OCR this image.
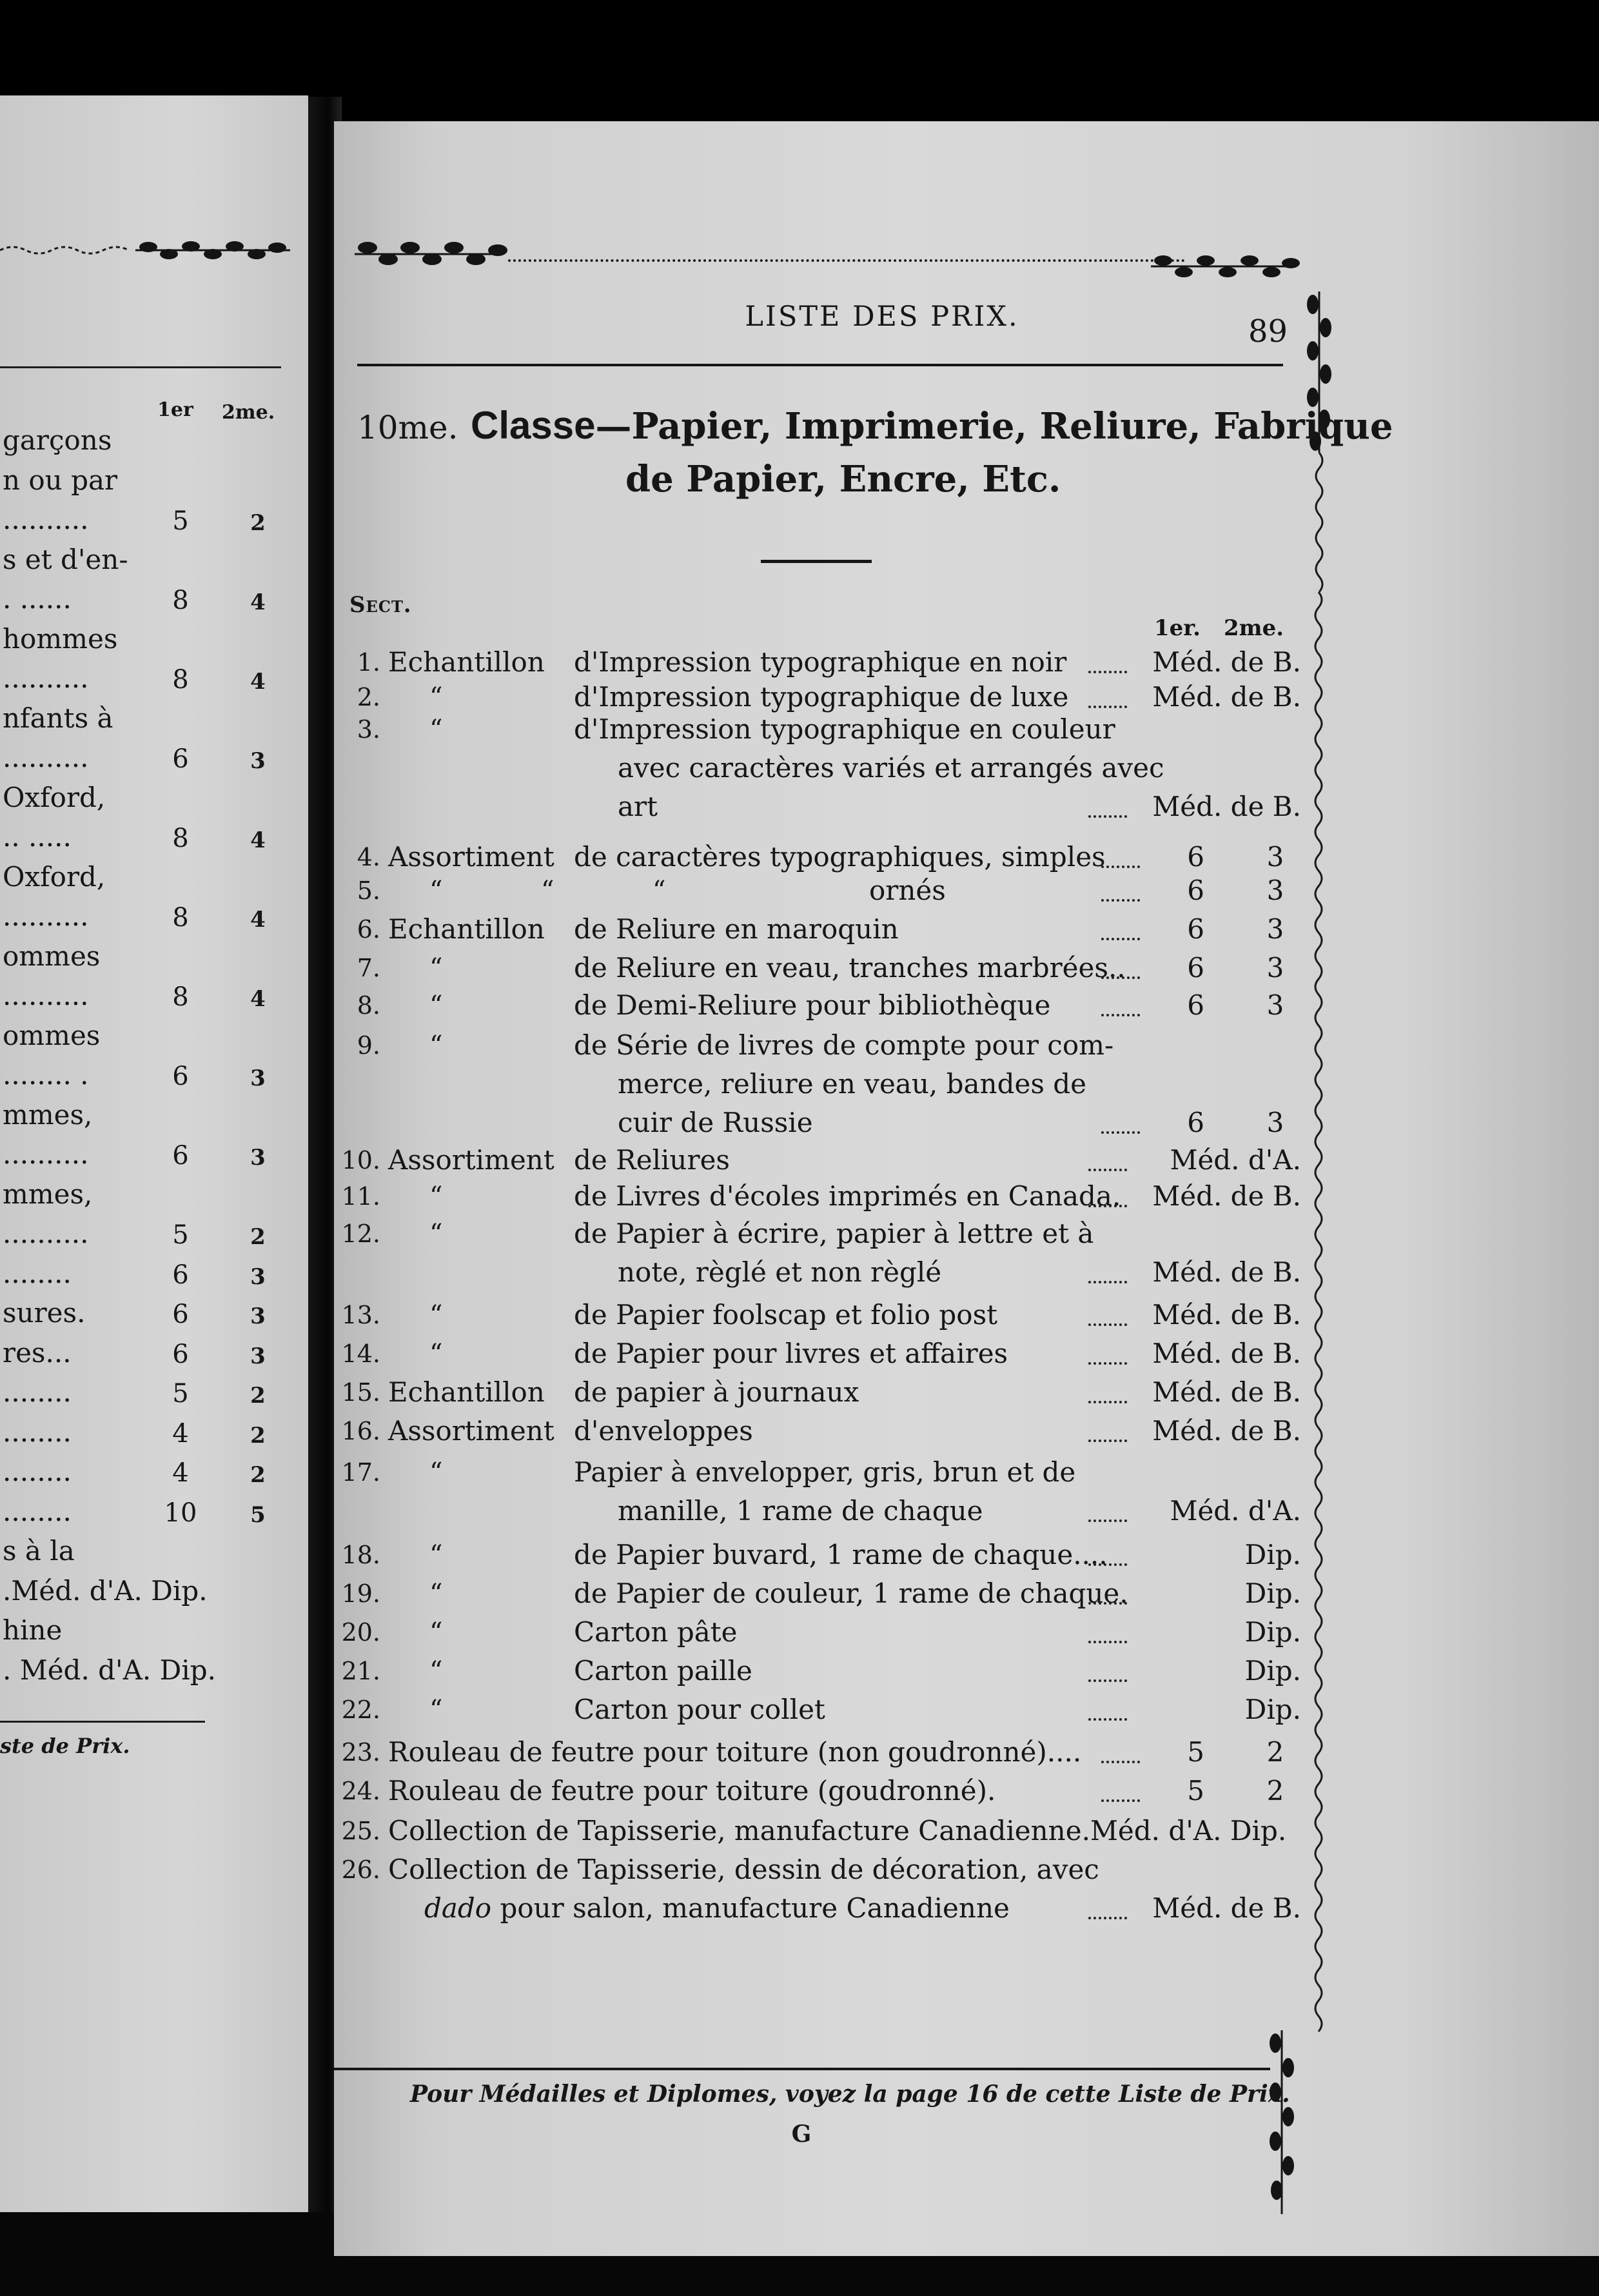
1er 2me.
garçons
n ou par
..........	5	2
s et d'en-
. ......	8	4
hommes
..........	8	4
nfants à
..........	6	3
Oxford,
.. .....	8	4
Oxford,
..........	8	4
ommes
..........	8	4
ommes
........ .	6	3
mmes,
..........	6	3
mmes,
..........	5	2
........	6	3
sures.	6	3
res...	6	3
........	5	2
........	4	2
........	4	2
........	10	5
s à la
.Méd. d'A. Dip.
hine
. Méd. d'A. Dip.
ste de Prix.
LISTE DES PRIX.	89
10me. Classe—Papier, Imprimerie, Reliure, Fabrique
de Papier, Encre, Etc.
Sect.
1er. 2me.
1. Echantillon d'Impression typographique en noir	Méd. de B.
2. “	d'Impression typographique de luxe	Méd. de B.
3. “	d'Impression typographique en couleur
avec caractères variés et arrangés avec
art	Méd. de B.
4. Assortiment de caractères typographiques, simples	6	3
5. “            “            “	ornés	6	3
6. Echantillon de Reliure en maroquin	6	3
7. “	de Reliure en veau, tranches marbrées.. 6	3
8. “	de Demi-Reliure pour bibliothèque	6	3
9. “	de Série de livres de compte pour com-
merce, reliure en veau, bandes de
cuir de Russie	6	3
10. Assortiment de Reliures	Méd. d'A.
11. “	de Livres d'écoles imprimés en Canada. Méd. de B.
12. “	de Papier à écrire, papier à lettre et à
note, règlé et non règlé	Méd. de B.
13. “	de Papier foolscap et folio post	Méd. de B.
14. “	de Papier pour livres et affaires	Méd. de B.
15. Echantillon de papier à journaux	Méd. de B.
16. Assortiment d'enveloppes	Méd. de B.
17. “	Papier à envelopper, gris, brun et de
manille, 1 rame de chaque	Méd. d'A.
18. “	de Papier buvard, 1 rame de chaque....	Dip.
19. “	de Papier de couleur, 1 rame de chaque.	Dip.
20. “	Carton pâte	Dip.
21. “	Carton paille	Dip.
22. “	Carton pour collet	Dip.
23. Rouleau de feutre pour toiture (non goudronné)....	5	2
24. Rouleau de feutre pour toiture (goudronné).	5	2
25. Collection de Tapisserie, manufacture Canadienne.Méd. d'A. Dip.
26. Collection de Tapisserie, dessin de décoration, avec
dado pour salon, manufacture Canadienne	Méd. de B.
Pour Médailles et Diplomes, voyez la page 16 de cette Liste de Prix.
G
